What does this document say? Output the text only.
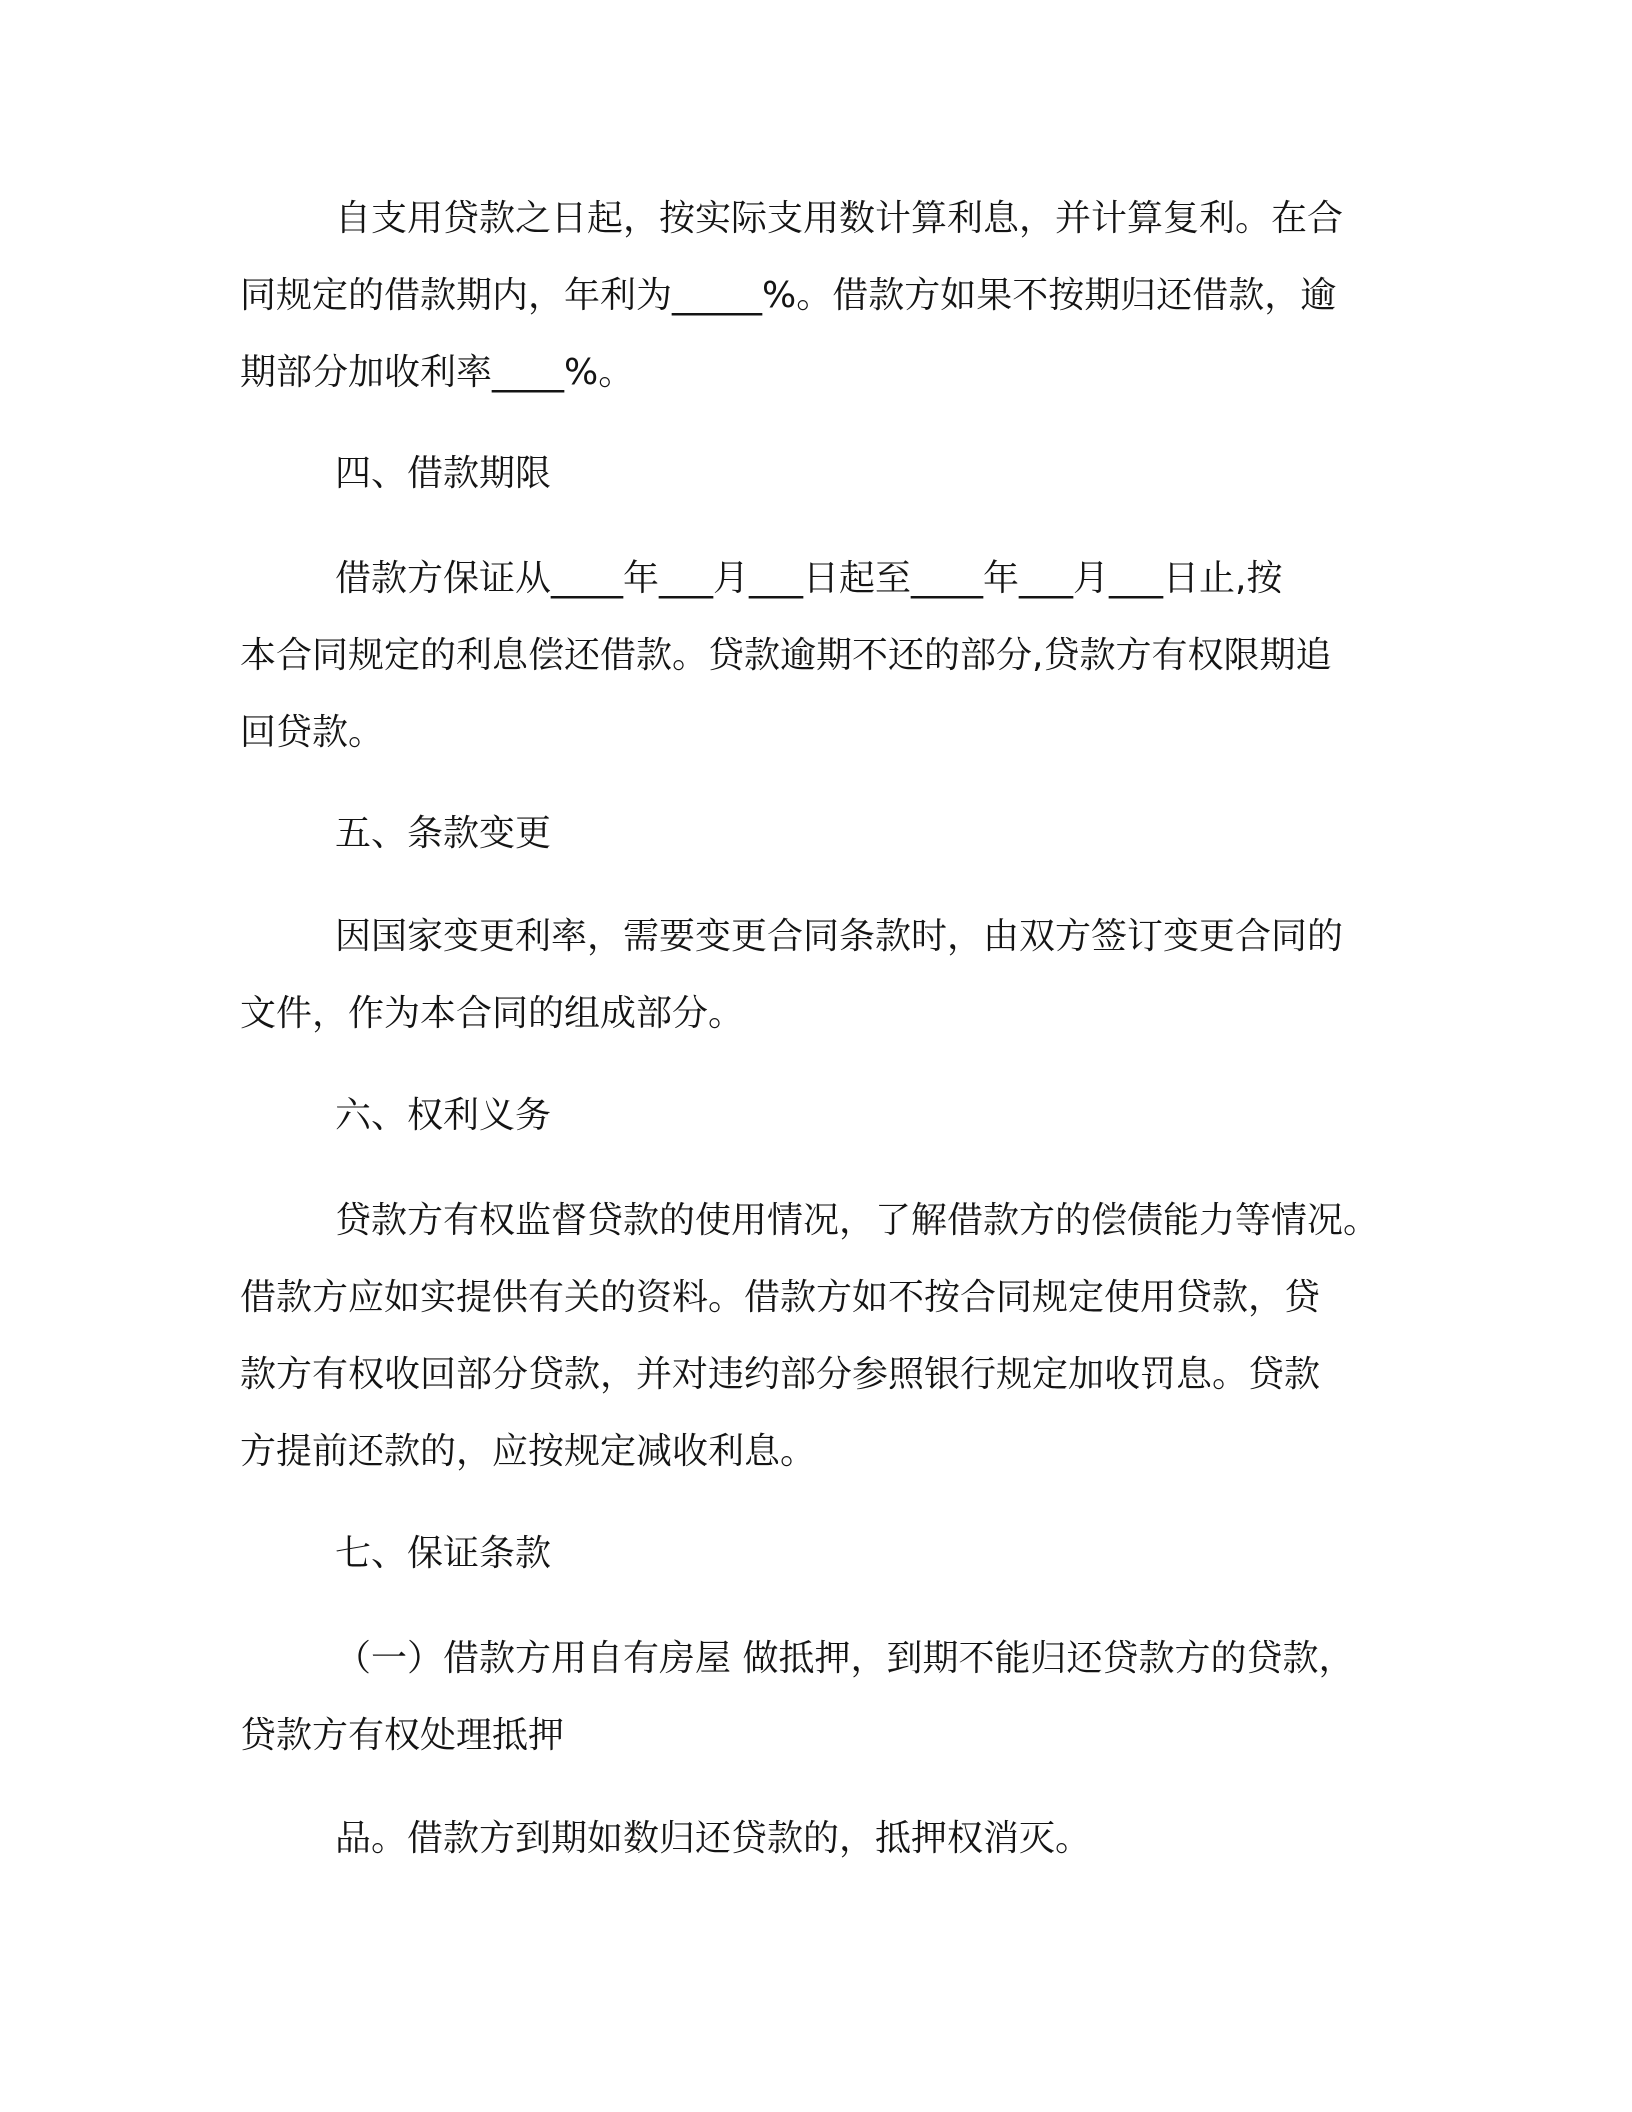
自支用贷款之日起，按实际支用数计算利息，并计算复利。在合
同规定的借款期内，年利为_____%。借款方如果不按期归还借款，逾
期部分加收利率____%。
四、借款期限
借款方保证从____年___月___日起至____年___月___日止,按
本合同规定的利息偿还借款。贷款逾期不还的部分,贷款方有权限期追
回贷款。
五、条款变更
因国家变更利率，需要变更合同条款时，由双方签订变更合同的
文件，作为本合同的组成部分。
六、权利义务
贷款方有权监督贷款的使用情况，了解借款方的偿债能力等情况。
借款方应如实提供有关的资料。借款方如不按合同规定使用贷款，贷
款方有权收回部分贷款，并对违约部分参照银行规定加收罚息。贷款
方提前还款的，应按规定减收利息。
七、保证条款
（一）借款方用自有房屋 做抵押，到期不能归还贷款方的贷款，
贷款方有权处理抵押
品。借款方到期如数归还贷款的，抵押权消灭。
